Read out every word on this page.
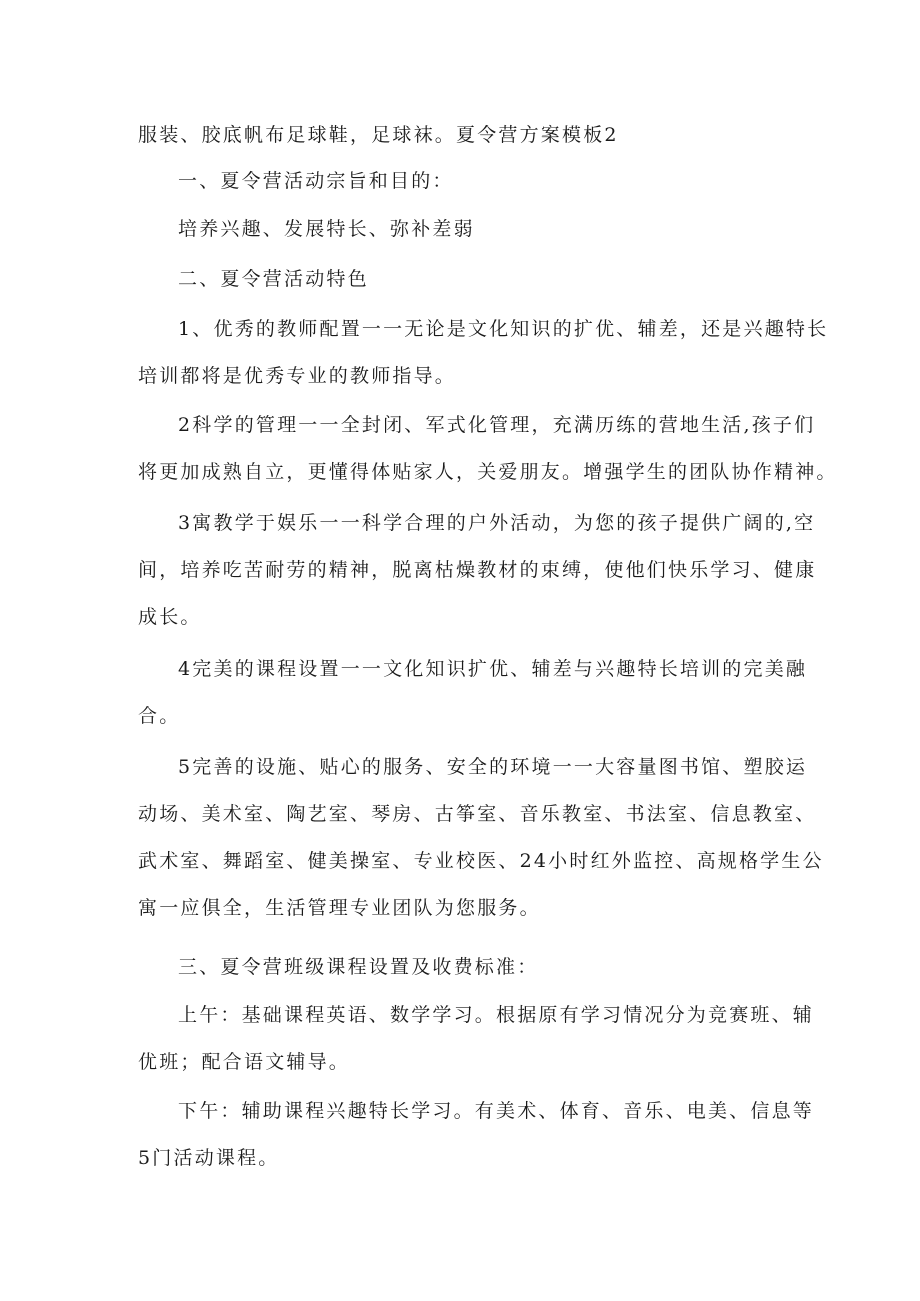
服装、胶底帆布足球鞋，足球袜。夏令营方案模板2
一、夏令营活动宗旨和目的：
培养兴趣、发展特长、弥补差弱
二、夏令营活动特色
1、优秀的教师配置一一无论是文化知识的扩优、辅差，还是兴趣特长
培训都将是优秀专业的教师指导。
2科学的管理一一全封闭、军式化管理，充满历练的营地生活,孩子们
将更加成熟自立，更懂得体贴家人，关爱朋友。增强学生的团队协作精神。
3寓教学于娱乐一一科学合理的户外活动，为您的孩子提供广阔的,空
间，培养吃苦耐劳的精神，脱离枯燥教材的束缚，使他们快乐学习、健康
成长。
4完美的课程设置一一文化知识扩优、辅差与兴趣特长培训的完美融
合。
5完善的设施、贴心的服务、安全的环境一一大容量图书馆、塑胶运
动场、美术室、陶艺室、琴房、古筝室、音乐教室、书法室、信息教室、
武术室、舞蹈室、健美操室、专业校医、24小时红外监控、高规格学生公
寓一应俱全，生活管理专业团队为您服务。
三、夏令营班级课程设置及收费标准：
上午：基础课程英语、数学学习。根据原有学习情况分为竞赛班、辅
优班；配合语文辅导。
下午：辅助课程兴趣特长学习。有美术、体育、音乐、电美、信息等
5门活动课程。
